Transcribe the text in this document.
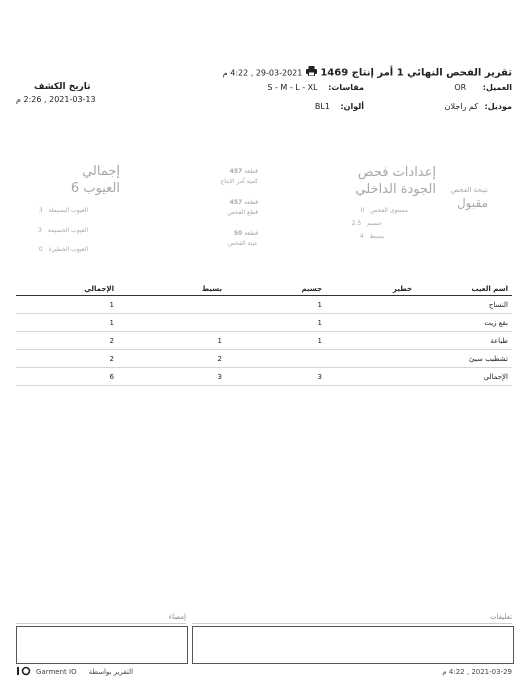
تقرير الفحص النهائي 1 أمر إنتاج 1469  2021-03-29 , 4:22 م
العميل: OR
مقاسات: S - M - L - XL
موديل: كم راجلان
ألوان: BL1
تاريخ الكشف
2021-03-13 , 2:26 م
نتيجة الفحص
مقبول
إعدادات فحص
الجودة الداخلي
مستوى الفحص II
جسيم 2.5
بسيط 4
قطعة 457
كمية أمر الإنتاج
قطعة 457
قطع الفحص
قطعة 50
عينة الفحص
إجمالي
العيوب 6
العيوب البسيطة 3
العيوب الجسيمة 3
العيوب الخطيرة 0
اسم العيب	خطير	جسيم	بسيط	الإجمالي
النساج		1		1
بقع زيت		1		1
طباعة		1	1	2
تشطيب سيئ			2	2
الإجمالي		3	3	6
تعليقات
إمضاء
2021-03-29 , 4:22 م
Garment IO التقرير بواسطة
